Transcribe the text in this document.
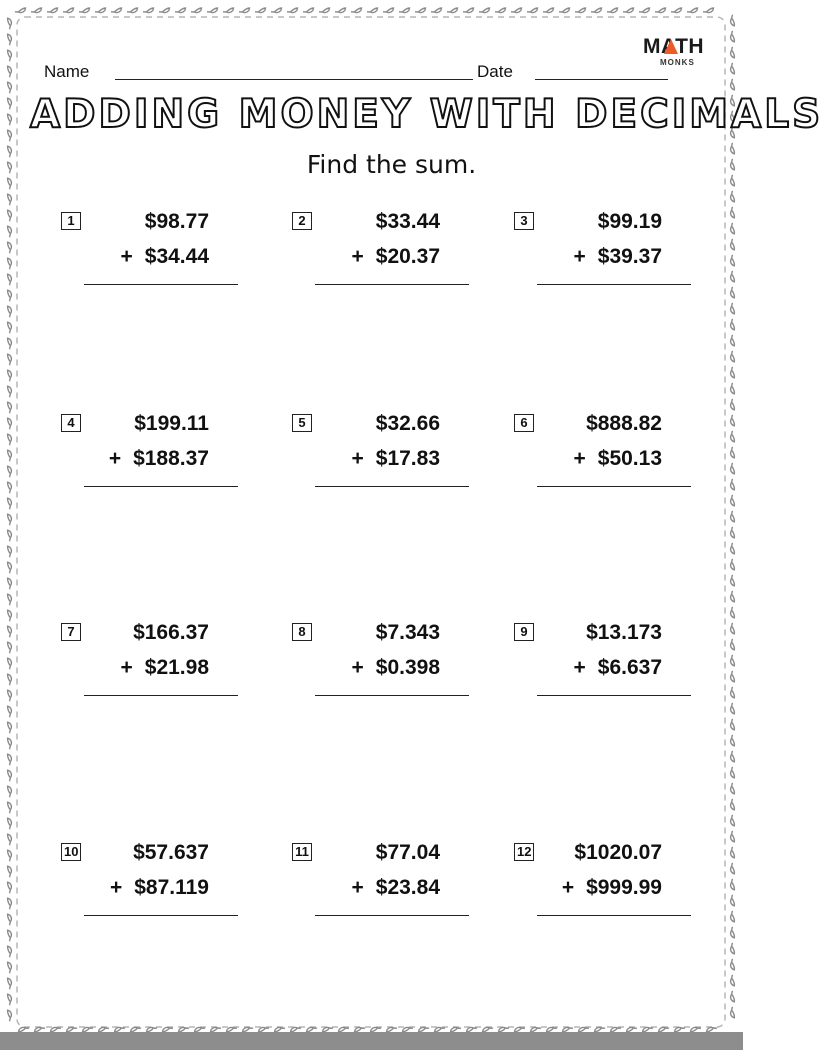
MATH
MONKS
Name	Date
ADDING MONEY WITH DECIMALS
Find the sum.
1	$98.77
+ $34.44
2	$33.44
+ $20.37
3	$99.19
+ $39.37
4	$199.11
+ $188.37
5	$32.66
+ $17.83
6	$888.82
+ $50.13
7	$166.37
+ $21.98
8	$7.343
+ $0.398
9	$13.173
+ $6.637
10	$57.637
+ $87.119
11	$77.04
+ $23.84
12 $1020.07
+ $999.99
